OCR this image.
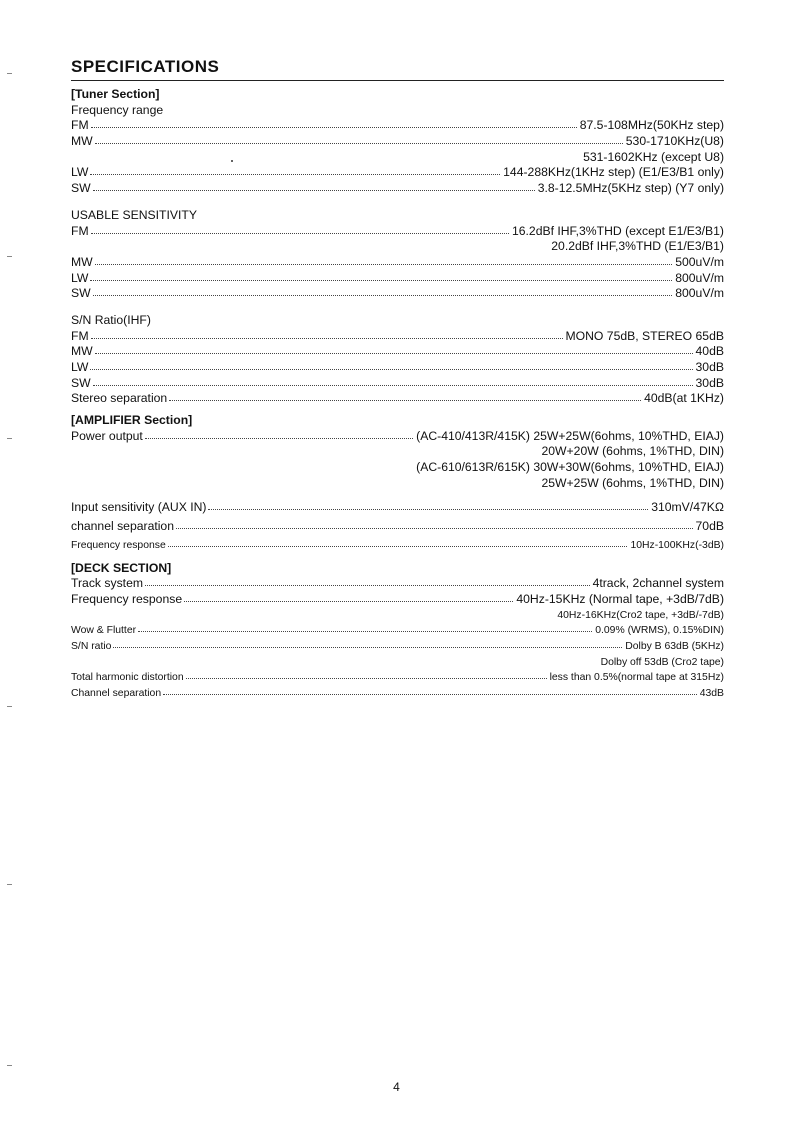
SPECIFICATIONS
[Tuner Section]
Frequency range
FM	87.5-108MHz(50KHz step)
MW	530-1710KHz(U8)
531-1602KHz (except U8)
LW	144-288KHz(1KHz step) (E1/E3/B1 only)
SW	3.8-12.5MHz(5KHz step) (Y7 only)
USABLE SENSITIVITY
FM	16.2dBf IHF,3%THD (except E1/E3/B1)
20.2dBf IHF,3%THD (E1/E3/B1)
MW	500uV/m
LW	800uV/m
SW	800uV/m
S/N Ratio(IHF)
FM	MONO 75dB, STEREO 65dB
MW	40dB
LW	30dB
SW	30dB
Stereo separation	40dB(at 1KHz)
[AMPLIFIER Section]
Power output	(AC-410/413R/415K) 25W+25W(6ohms, 10%THD, EIAJ)
20W+20W (6ohms, 1%THD, DIN)
(AC-610/613R/615K) 30W+30W(6ohms, 10%THD, EIAJ)
25W+25W (6ohms, 1%THD, DIN)
Input sensitivity (AUX IN)	310mV/47KΩ
channel separation	70dB
Frequency response	10Hz-100KHz(-3dB)
[DECK SECTION]
Track system	4track, 2channel system
Frequency response	40Hz-15KHz (Normal tape, +3dB/7dB)
40Hz-16KHz(Cro2 tape, +3dB/-7dB)
Wow & Flutter	0.09% (WRMS), 0.15%DIN)
S/N ratio	Dolby B 63dB (5KHz)
Dolby off 53dB (Cro2 tape)
Total harmonic distortion	less than 0.5%(normal tape at 315Hz)
Channel separation	43dB
4
